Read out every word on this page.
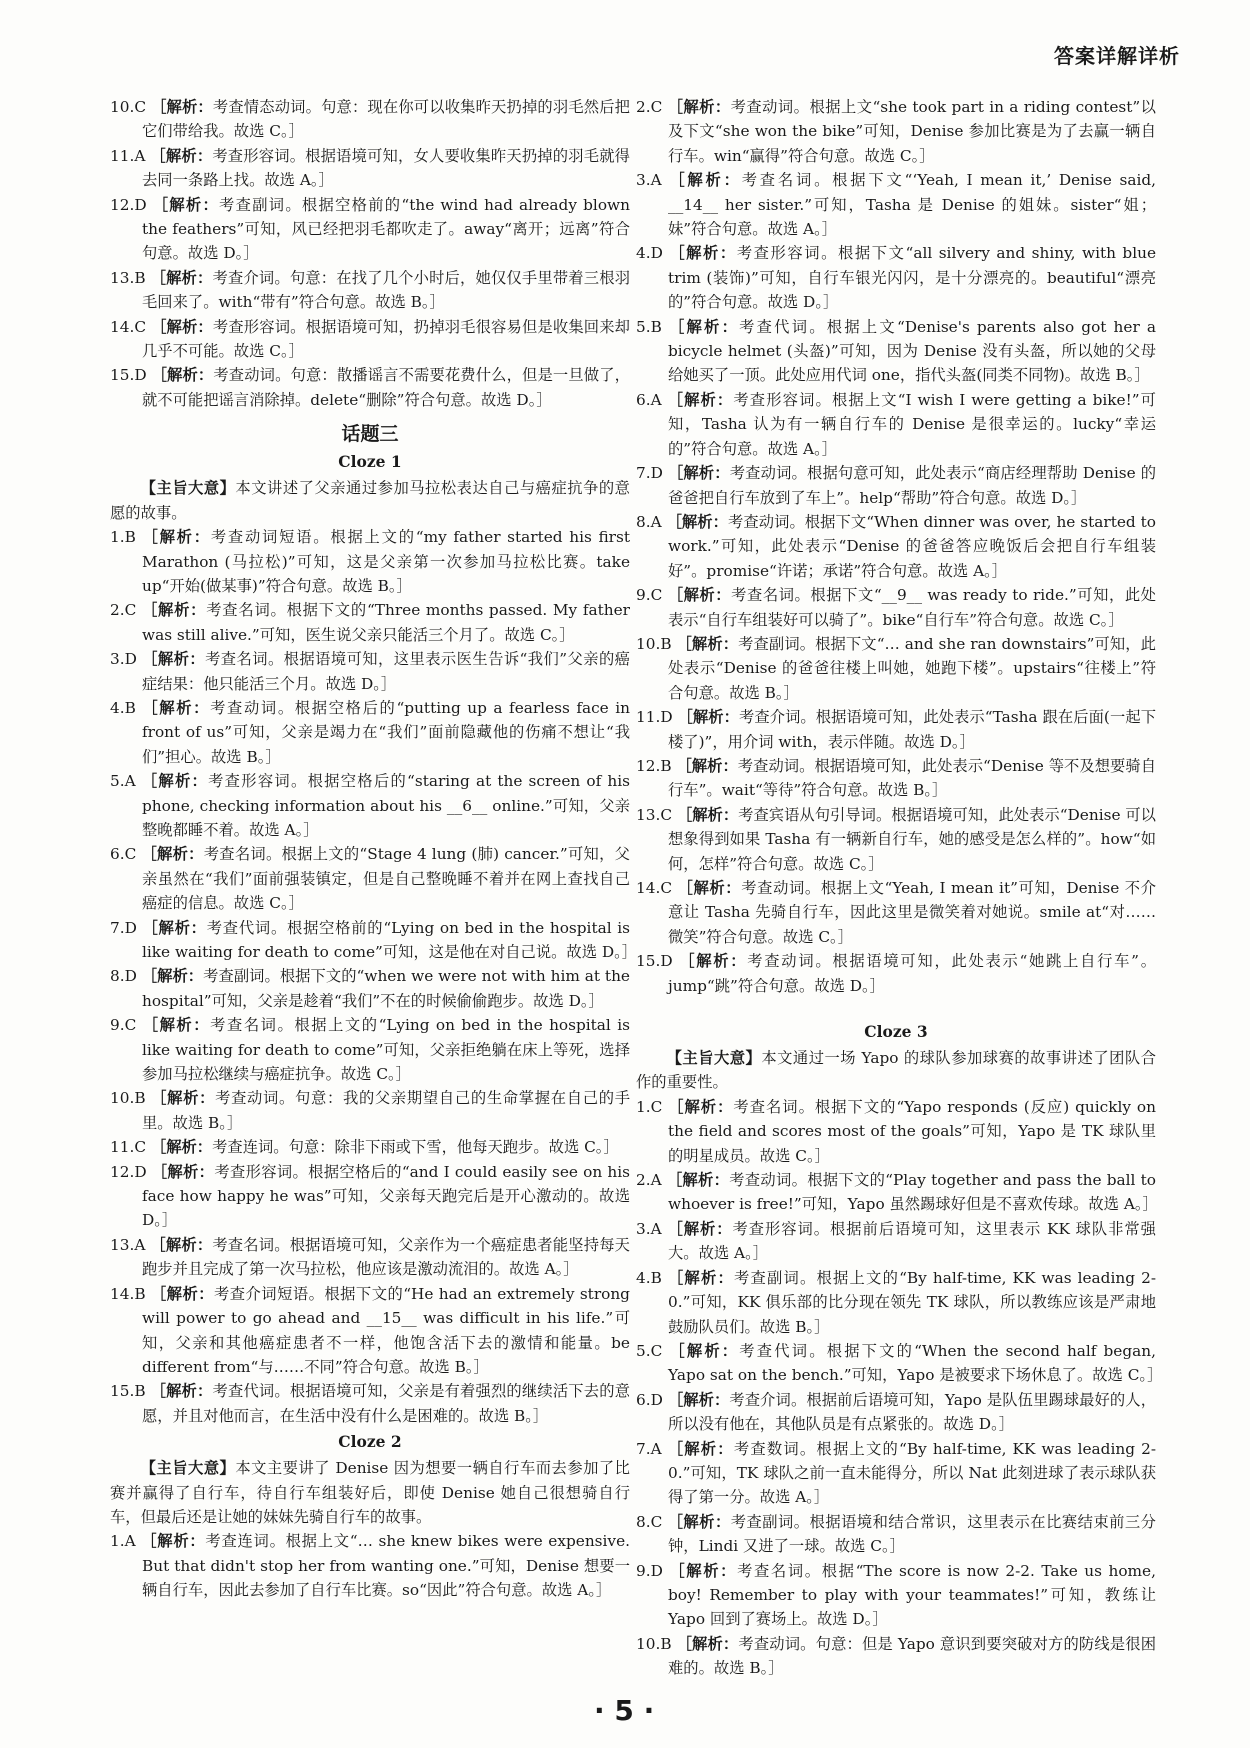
答案详解详析

10.C ［解析：考查情态动词。句意：现在你可以收集昨天扔掉的羽毛然后把它们带给我。故选 C。］

11.A ［解析：考查形容词。根据语境可知，女人要收集昨天扔掉的羽毛就得去同一条路上找。故选 A。］

12.D ［解析：考查副词。根据空格前的“the wind had already blown the feathers”可知，风已经把羽毛都吹走了。away“离开；远离”符合句意。故选 D。］

13.B ［解析：考查介词。句意：在找了几个小时后，她仅仅手里带着三根羽毛回来了。with“带有”符合句意。故选 B。］

14.C ［解析：考查形容词。根据语境可知，扔掉羽毛很容易但是收集回来却几乎不可能。故选 C。］

15.D ［解析：考查动词。句意：散播谣言不需要花费什么，但是一旦做了，就不可能把谣言消除掉。delete“删除”符合句意。故选 D。］

话题三
Cloze 1

【主旨大意】本文讲述了父亲通过参加马拉松表达自己与癌症抗争的意愿的故事。

1.B ［解析：考查动词短语。根据上文的“my father started his first Marathon (马拉松)”可知，这是父亲第一次参加马拉松比赛。take up“开始(做某事)”符合句意。故选 B。］

2.C ［解析：考查名词。根据下文的“Three months passed. My father was still alive.”可知，医生说父亲只能活三个月了。故选 C。］

3.D ［解析：考查名词。根据语境可知，这里表示医生告诉“我们”父亲的癌症结果：他只能活三个月。故选 D。］

4.B ［解析：考查动词。根据空格后的“putting up a fearless face in front of us”可知，父亲是竭力在“我们”面前隐藏他的伤痛不想让“我们”担心。故选 B。］

5.A ［解析：考查形容词。根据空格后的“staring at the screen of his phone, checking information about his __6__ online.”可知，父亲整晚都睡不着。故选 A。］

6.C ［解析：考查名词。根据上文的“Stage 4 lung (肺) cancer.”可知，父亲虽然在“我们”面前强装镇定，但是自己整晚睡不着并在网上查找自己癌症的信息。故选 C。］

7.D ［解析：考查代词。根据空格前的“Lying on bed in the hospital is like waiting for death to come”可知，这是他在对自己说。故选 D。］

8.D ［解析：考查副词。根据下文的“when we were not with him at the hospital”可知，父亲是趁着“我们”不在的时候偷偷跑步。故选 D。］

9.C ［解析：考查名词。根据上文的“Lying on bed in the hospital is like waiting for death to come”可知，父亲拒绝躺在床上等死，选择参加马拉松继续与癌症抗争。故选 C。］

10.B ［解析：考查动词。句意：我的父亲期望自己的生命掌握在自己的手里。故选 B。］

11.C ［解析：考查连词。句意：除非下雨或下雪，他每天跑步。故选 C。］

12.D ［解析：考查形容词。根据空格后的“and I could easily see on his face how happy he was”可知，父亲每天跑完后是开心激动的。故选 D。］

13.A ［解析：考查名词。根据语境可知，父亲作为一个癌症患者能坚持每天跑步并且完成了第一次马拉松，他应该是激动流泪的。故选 A。］

14.B ［解析：考查介词短语。根据下文的“He had an extremely strong will power to go ahead and __15__ was difficult in his life.”可知，父亲和其他癌症患者不一样，他饱含活下去的激情和能量。be different from“与……不同”符合句意。故选 B。］

15.B ［解析：考查代词。根据语境可知，父亲是有着强烈的继续活下去的意愿，并且对他而言，在生活中没有什么是困难的。故选 B。］

Cloze 2

【主旨大意】本文主要讲了 Denise 因为想要一辆自行车而去参加了比赛并赢得了自行车，待自行车组装好后，即使 Denise 她自己很想骑自行车，但最后还是让她的妹妹先骑自行车的故事。

1.A ［解析：考查连词。根据上文“… she knew bikes were expensive. But that didn't stop her from wanting one.”可知，Denise 想要一辆自行车，因此去参加了自行车比赛。so“因此”符合句意。故选 A。］

2.C ［解析：考查动词。根据上文“she took part in a riding contest”以及下文“she won the bike”可知，Denise 参加比赛是为了去赢一辆自行车。win“赢得”符合句意。故选 C。］

3.A ［解析：考查名词。根据下文“‘Yeah, I mean it,’ Denise said, __14__ her sister.”可知，Tasha 是 Denise 的姐妹。sister“姐；妹”符合句意。故选 A。］

4.D ［解析：考查形容词。根据下文“all silvery and shiny, with blue trim (装饰)”可知，自行车银光闪闪，是十分漂亮的。beautiful“漂亮的”符合句意。故选 D。］

5.B ［解析：考查代词。根据上文“Denise's parents also got her a bicycle helmet (头盔)”可知，因为 Denise 没有头盔，所以她的父母给她买了一顶。此处应用代词 one，指代头盔(同类不同物)。故选 B。］

6.A ［解析：考查形容词。根据上文“I wish I were getting a bike!”可知，Tasha 认为有一辆自行车的 Denise 是很幸运的。lucky“幸运的”符合句意。故选 A。］

7.D ［解析：考查动词。根据句意可知，此处表示“商店经理帮助 Denise 的爸爸把自行车放到了车上”。help“帮助”符合句意。故选 D。］

8.A ［解析：考查动词。根据下文“When dinner was over, he started to work.”可知，此处表示“Denise 的爸爸答应晚饭后会把自行车组装好”。promise“许诺；承诺”符合句意。故选 A。］

9.C ［解析：考查名词。根据下文“__9__ was ready to ride.”可知，此处表示“自行车组装好可以骑了”。bike“自行车”符合句意。故选 C。］

10.B ［解析：考查副词。根据下文“… and she ran downstairs”可知，此处表示“Denise 的爸爸往楼上叫她，她跑下楼”。upstairs“往楼上”符合句意。故选 B。］

11.D ［解析：考查介词。根据语境可知，此处表示“Tasha 跟在后面(一起下楼了)”，用介词 with，表示伴随。故选 D。］

12.B ［解析：考查动词。根据语境可知，此处表示“Denise 等不及想要骑自行车”。wait“等待”符合句意。故选 B。］

13.C ［解析：考查宾语从句引导词。根据语境可知，此处表示“Denise 可以想象得到如果 Tasha 有一辆新自行车，她的感受是怎么样的”。how“如何，怎样”符合句意。故选 C。］

14.C ［解析：考查动词。根据上文“Yeah, I mean it”可知，Denise 不介意让 Tasha 先骑自行车，因此这里是微笑着对她说。smile at“对……微笑”符合句意。故选 C。］

15.D ［解析：考查动词。根据语境可知，此处表示“她跳上自行车”。jump“跳”符合句意。故选 D。］

Cloze 3

【主旨大意】本文通过一场 Yapo 的球队参加球赛的故事讲述了团队合作的重要性。

1.C ［解析：考查名词。根据下文的“Yapo responds (反应) quickly on the field and scores most of the goals”可知，Yapo 是 TK 球队里的明星成员。故选 C。］

2.A ［解析：考查动词。根据下文的“Play together and pass the ball to whoever is free!”可知，Yapo 虽然踢球好但是不喜欢传球。故选 A。］

3.A ［解析：考查形容词。根据前后语境可知，这里表示 KK 球队非常强大。故选 A。］

4.B ［解析：考查副词。根据上文的“By half-time, KK was leading 2-0.”可知，KK 俱乐部的比分现在领先 TK 球队，所以教练应该是严肃地鼓励队员们。故选 B。］

5.C ［解析：考查代词。根据下文的“When the second half began, Yapo sat on the bench.”可知，Yapo 是被要求下场休息了。故选 C。］

6.D ［解析：考查介词。根据前后语境可知，Yapo 是队伍里踢球最好的人，所以没有他在，其他队员是有点紧张的。故选 D。］

7.A ［解析：考查数词。根据上文的“By half-time, KK was leading 2-0.”可知，TK 球队之前一直未能得分，所以 Nat 此刻进球了表示球队获得了第一分。故选 A。］

8.C ［解析：考查副词。根据语境和结合常识，这里表示在比赛结束前三分钟，Lindi 又进了一球。故选 C。］

9.D ［解析：考查名词。根据“The score is now 2-2. Take us home, boy! Remember to play with your teammates!”可知，教练让 Yapo 回到了赛场上。故选 D。］

10.B ［解析：考查动词。句意：但是 Yapo 意识到要突破对方的防线是很困难的。故选 B。］

· 5 ·
